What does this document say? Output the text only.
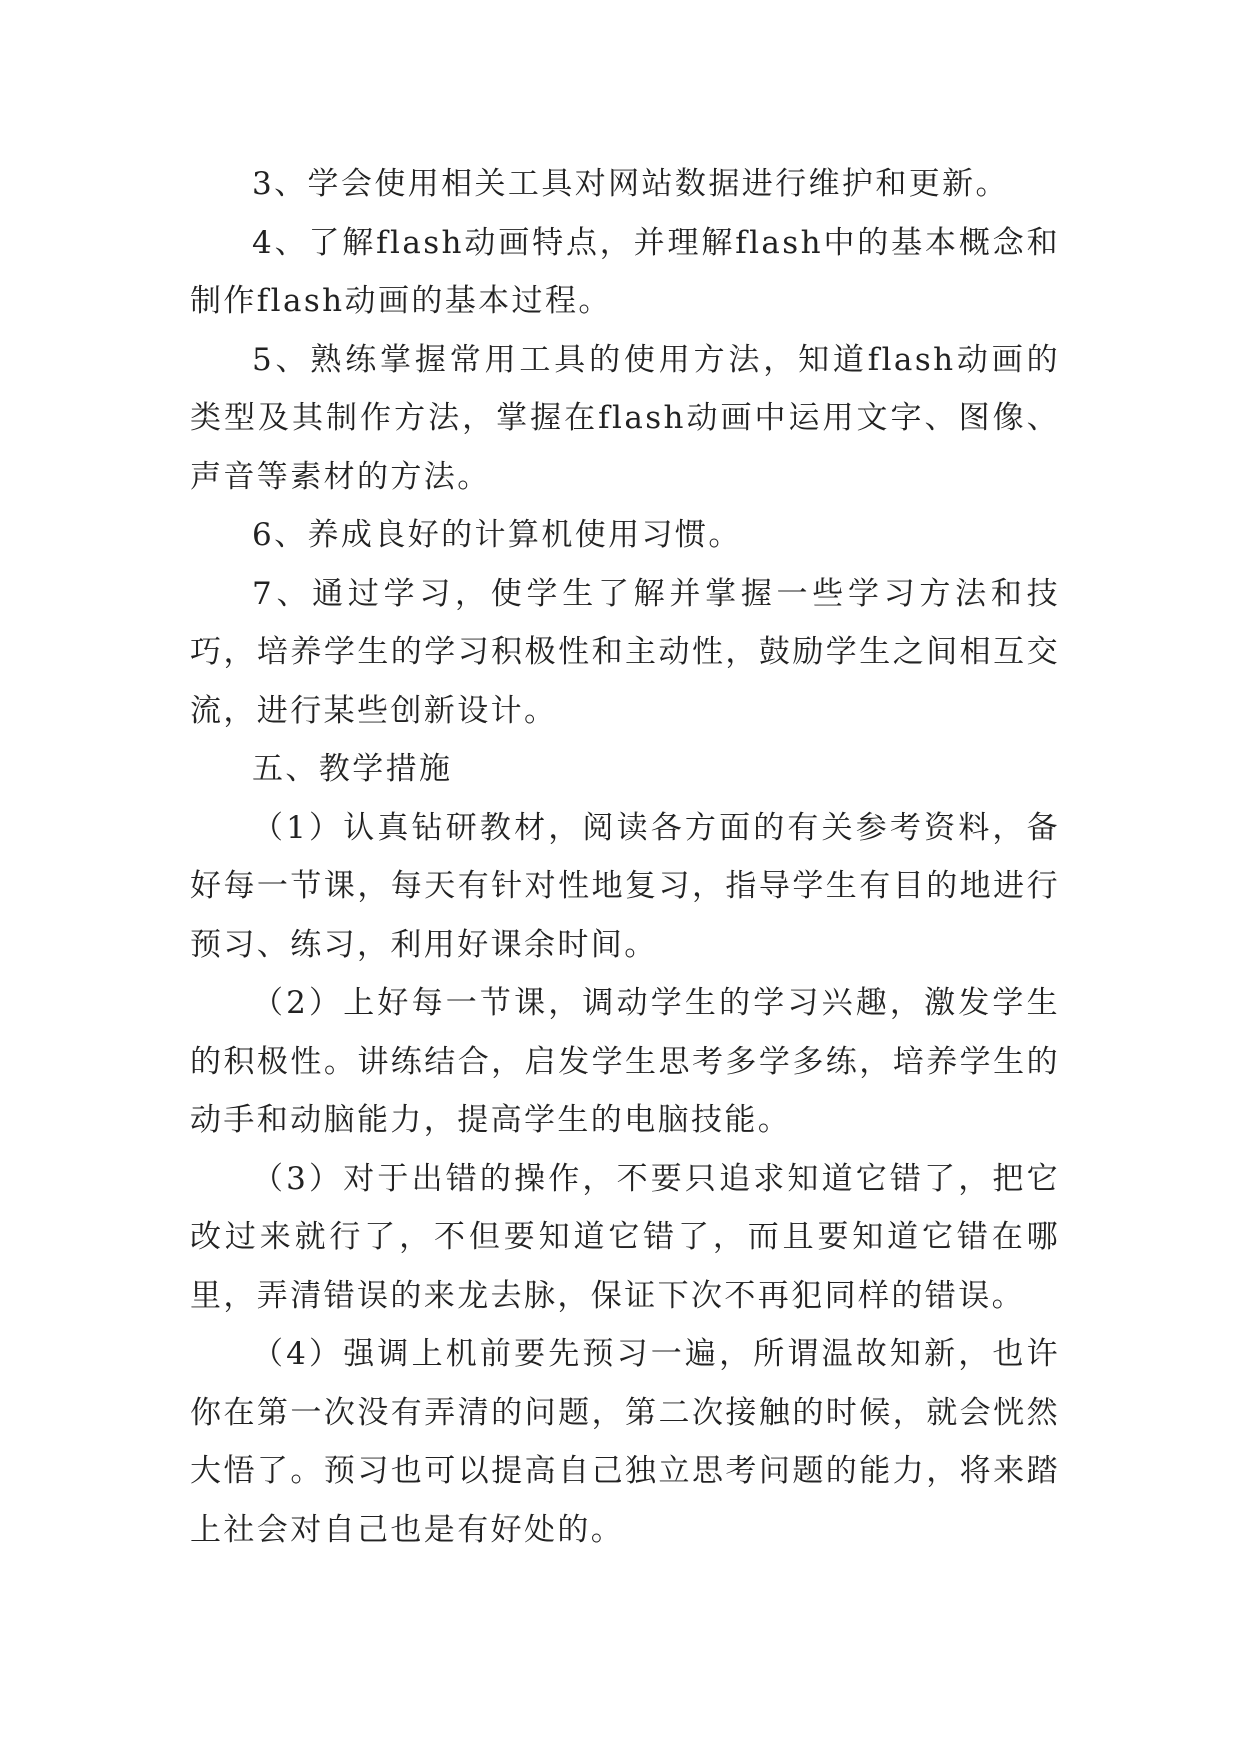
3、学会使用相关工具对网站数据进行维护和更新。

4、了解flash动画特点，并理解flash中的基本概念和制作flash动画的基本过程。

5、熟练掌握常用工具的使用方法，知道flash动画的类型及其制作方法，掌握在flash动画中运用文字、图像、声音等素材的方法。

6、养成良好的计算机使用习惯。

7、通过学习，使学生了解并掌握一些学习方法和技巧，培养学生的学习积极性和主动性，鼓励学生之间相互交流，进行某些创新设计。

五、教学措施

（1）认真钻研教材，阅读各方面的有关参考资料，备好每一节课，每天有针对性地复习，指导学生有目的地进行预习、练习，利用好课余时间。

（2）上好每一节课，调动学生的学习兴趣，激发学生的积极性。讲练结合，启发学生思考多学多练，培养学生的动手和动脑能力，提高学生的电脑技能。

（3）对于出错的操作，不要只追求知道它错了，把它改过来就行了，不但要知道它错了，而且要知道它错在哪里，弄清错误的来龙去脉，保证下次不再犯同样的错误。

（4）强调上机前要先预习一遍，所谓温故知新，也许你在第一次没有弄清的问题，第二次接触的时候，就会恍然大悟了。预习也可以提高自己独立思考问题的能力，将来踏上社会对自己也是有好处的。
